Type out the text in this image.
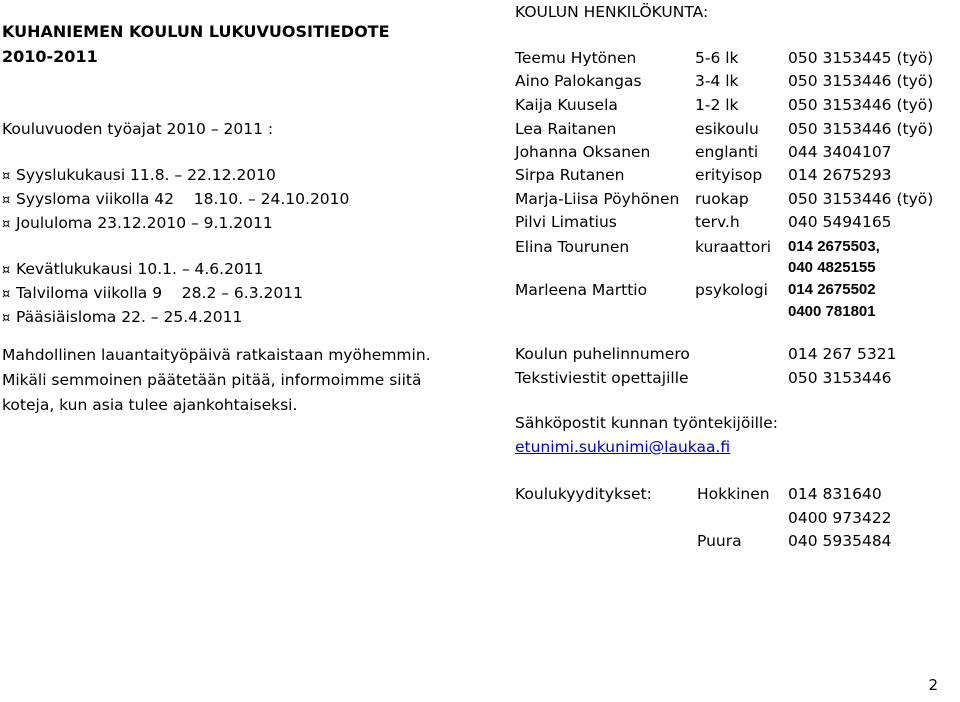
KUHANIEMEN KOULUN LUKUVUOSITIEDOTE
2010-2011
Kouluvuoden työajat 2010 – 2011 :
¤ Syyslukukausi 11.8. – 22.12.2010
¤ Syysloma viikolla 42    18.10. – 24.10.2010
¤ Joululoma 23.12.2010 – 9.1.2011
¤ Kevätlukukausi 10.1. – 4.6.2011
¤ Talviloma viikolla 9    28.2 – 6.3.2011
¤ Pääsiäisloma 22. – 25.4.2011
Mahdollinen lauantaityöpäivä ratkaistaan myöhemmin.
Mikäli semmoinen päätetään pitää, informoimme siitä
koteja, kun asia tulee ajankohtaiseksi.
KOULUN HENKILÖKUNTA:
Teemu Hytönen	5-6 lk	050 3153445 (työ)
Aino Palokangas	3-4 lk	050 3153446 (työ)
Kaija Kuusela	1-2 lk	050 3153446 (työ)
Lea Raitanen	esikoulu 050 3153446 (työ)
Johanna Oksanen	englanti 044 3404107
Sirpa Rutanen	erityisop 014 2675293
Marja-Liisa Pöyhönen ruokap	050 3153446 (työ)
Pilvi Limatius	terv.h	040 5494165
Elina Tourunen	kuraattori 014 2675503,
040 4825155
Marleena Marttio	psykologi 014 2675502
0400 781801
Koulun puhelinnumero	014 267 5321
Tekstiviestit opettajille	050 3153446
Sähköpostit kunnan työntekijöille:
etunimi.sukunimi@laukaa.fi
Koulukyyditykset:	Hokkinen 014 831640
0400 973422
Puura	040 5935484
2
